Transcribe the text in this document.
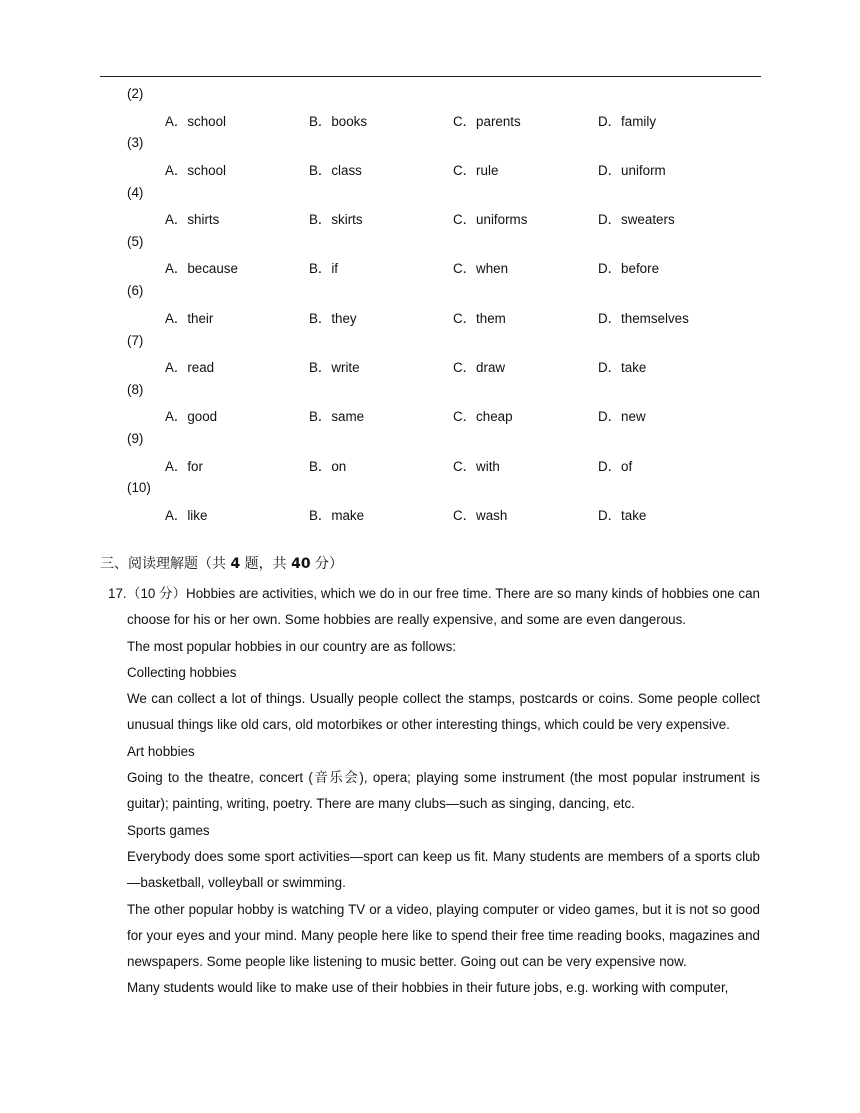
(2)
A．school	B．books	C．parents	D．family
(3)
A．school	B．class	C．rule	D．uniform
(4)
A．shirts	B．skirts	C．uniforms	D．sweaters
(5)
A．because	B．if	C．when	D．before
(6)
A．their	B．they	C．them	D．themselves
(7)
A．read	B．write	C．draw	D．take
(8)
A．good	B．same	C．cheap	D．new
(9)
A．for	B．on	C．with	D．of
(10)
A．like	B．make	C．wash	D．take
三、阅读理解题（共 4 题，共 40 分）
17. （10 分）Hobbies are activities, which we do in our free time. There are so many kinds of hobbies one can choose for his or her own. Some hobbies are really expensive, and some are even dangerous.

The most popular hobbies in our country are as follows:

Collecting hobbies

We can collect a lot of things. Usually people collect the stamps, postcards or coins. Some people collect unusual things like old cars, old motorbikes or other interesting things, which could be very expensive.

Art hobbies

Going to the theatre, concert (音乐会), opera; playing some instrument (the most popular instrument is guitar); painting, writing, poetry. There are many clubs—such as singing, dancing, etc.

Sports games

Everybody does some sport activities—sport can keep us fit. Many students are members of a sports club—basketball, volleyball or swimming.

The other popular hobby is watching TV or a video, playing computer or video games, but it is not so good for your eyes and your mind. Many people here like to spend their free time reading books, magazines and newspapers. Some people like listening to music better. Going out can be very expensive now.

Many students would like to make use of their hobbies in their future jobs, e.g. working with computer,
